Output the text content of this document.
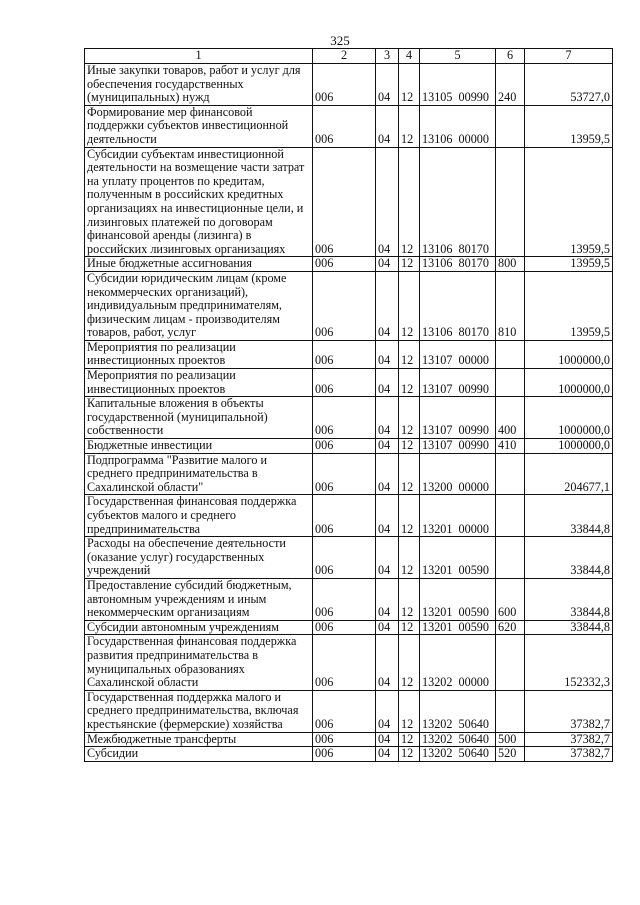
325
1	2	3	4	5	6	7
Иные закупки товаров, работ и услуг для обеспечения государственных (муниципальных) нужд	006	04	12	13105 00990	240	53727,0
Формирование мер финансовой поддержки субъектов инвестиционной деятельности	006	04	12	13106 00000		13959,5
Субсидии субъектам инвестиционной деятельности на возмещение части затрат на уплату процентов по кредитам, полученным в российских кредитных организациях на инвестиционные цели, и лизинговых платежей по договорам финансовой аренды (лизинга) в российских лизинговых организациях	006	04	12	13106 80170		13959,5
Иные бюджетные ассигнования	006	04	12	13106 80170	800	13959,5
Субсидии юридическим лицам (кроме некоммерческих организаций), индивидуальным предпринимателям, физическим лицам - производителям товаров, работ, услуг	006	04	12	13106 80170	810	13959,5
Мероприятия по реализации инвестиционных проектов	006	04	12	13107 00000		1000000,0
Мероприятия по реализации инвестиционных проектов	006	04	12	13107 00990		1000000,0
Капитальные вложения в объекты государственной (муниципальной) собственности	006	04	12	13107 00990	400	1000000,0
Бюджетные инвестиции	006	04	12	13107 00990	410	1000000,0
Подпрограмма "Развитие малого и среднего предпринимательства в Сахалинской области"	006	04	12	13200 00000		204677,1
Государственная финансовая поддержка субъектов малого и среднего предпринимательства	006	04	12	13201 00000		33844,8
Расходы на обеспечение деятельности (оказание услуг) государственных учреждений	006	04	12	13201 00590		33844,8
Предоставление субсидий бюджетным, автономным учреждениям и иным некоммерческим организациям	006	04	12	13201 00590	600	33844,8
Субсидии автономным учреждениям	006	04	12	13201 00590	620	33844,8
Государственная финансовая поддержка развития предпринимательства в муниципальных образованиях Сахалинской области	006	04	12	13202 00000		152332,3
Государственная поддержка малого и среднего предпринимательства, включая крестьянские (фермерские) хозяйства	006	04	12	13202 50640		37382,7
Межбюджетные трансферты	006	04	12	13202 50640	500	37382,7
Субсидии	006	04	12	13202 50640	520	37382,7
